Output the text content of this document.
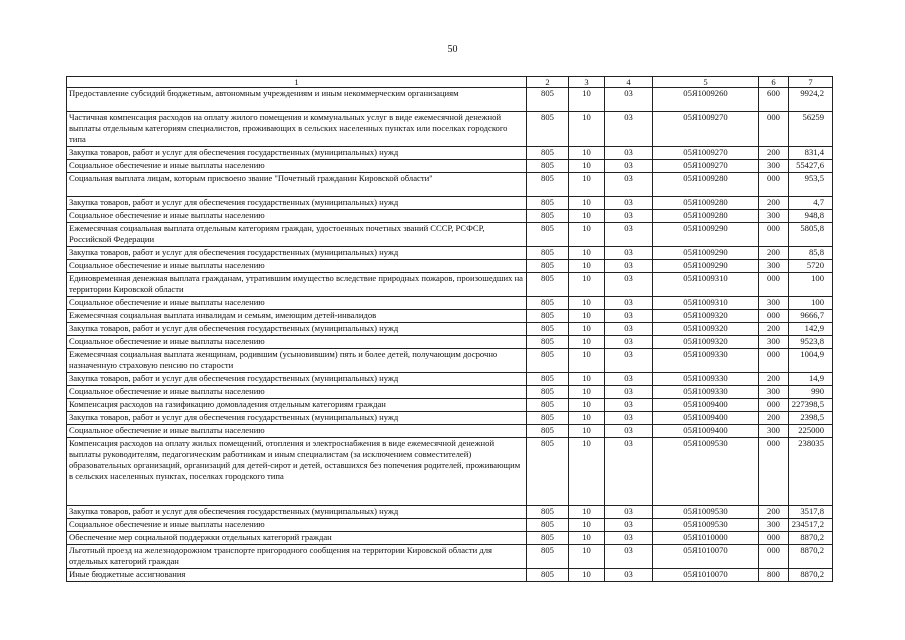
50
1	2	3	4	5	6	7
Предоставление субсидий бюджетным, автономным учреждениям и иным некоммерческим организациям	805	10	03	05Я1009260	600	9924,2
Частичная компенсация расходов на оплату жилого помещения и коммунальных услуг в виде ежемесячной денежной выплаты отдельным категориям специалистов, проживающих в сельских населенных пунктах или поселках городского типа	805	10	03	05Я1009270	000	56259
Закупка товаров, работ и услуг для обеспечения государственных (муниципальных) нужд	805	10	03	05Я1009270	200	831,4
Социальное обеспечение и иные выплаты населению	805	10	03	05Я1009270	300	55427,6
Социальная выплата лицам, которым присвоено звание "Почетный гражданин Кировской области"	805	10	03	05Я1009280	000	953,5
Закупка товаров, работ и услуг для обеспечения государственных (муниципальных) нужд	805	10	03	05Я1009280	200	4,7
Социальное обеспечение и иные выплаты населению	805	10	03	05Я1009280	300	948,8
Ежемесячная социальная выплата отдельным категориям граждан, удостоенных почетных званий СССР, РСФСР, Российской Федерации	805	10	03	05Я1009290	000	5805,8
Закупка товаров, работ и услуг для обеспечения государственных (муниципальных) нужд	805	10	03	05Я1009290	200	85,8
Социальное обеспечение и иные выплаты населению	805	10	03	05Я1009290	300	5720
Единовременная денежная выплата гражданам, утратившим имущество вследствие природных пожаров, произошедших на территории Кировской области	805	10	03	05Я1009310	000	100
Социальное обеспечение и иные выплаты населению	805	10	03	05Я1009310	300	100
Ежемесячная социальная выплата инвалидам и семьям, имеющим детей-инвалидов	805	10	03	05Я1009320	000	9666,7
Закупка товаров, работ и услуг для обеспечения государственных (муниципальных) нужд	805	10	03	05Я1009320	200	142,9
Социальное обеспечение и иные выплаты населению	805	10	03	05Я1009320	300	9523,8
Ежемесячная социальная выплата женщинам, родившим (усыновившим) пять и более детей, получающим досрочно назначенную страховую пенсию по старости	805	10	03	05Я1009330	000	1004,9
Закупка товаров, работ и услуг для обеспечения государственных (муниципальных) нужд	805	10	03	05Я1009330	200	14,9
Социальное обеспечение и иные выплаты населению	805	10	03	05Я1009330	300	990
Компенсация расходов на газификацию домовладения отдельным категориям граждан	805	10	03	05Я1009400	000	227398,5
Закупка товаров, работ и услуг для обеспечения государственных (муниципальных) нужд	805	10	03	05Я1009400	200	2398,5
Социальное обеспечение и иные выплаты населению	805	10	03	05Я1009400	300	225000
Компенсация расходов на оплату жилых помещений, отопления и электроснабжения в виде ежемесячной денежной выплаты руководителям, педагогическим работникам и иным специалистам (за исключением совместителей) образовательных организаций, организаций для детей-сирот и детей, оставшихся без попечения родителей, проживающим в сельских населенных пунктах, поселках городского типа	805	10	03	05Я1009530	000	238035
Закупка товаров, работ и услуг для обеспечения государственных (муниципальных) нужд	805	10	03	05Я1009530	200	3517,8
Социальное обеспечение и иные выплаты населению	805	10	03	05Я1009530	300	234517,2
Обеспечение мер социальной поддержки отдельных категорий граждан	805	10	03	05Я1010000	000	8870,2
Льготный проезд на железнодорожном транспорте пригородного сообщения на территории Кировской области для отдельных категорий граждан	805	10	03	05Я1010070	000	8870,2
Иные бюджетные ассигнования	805	10	03	05Я1010070	800	8870,2
